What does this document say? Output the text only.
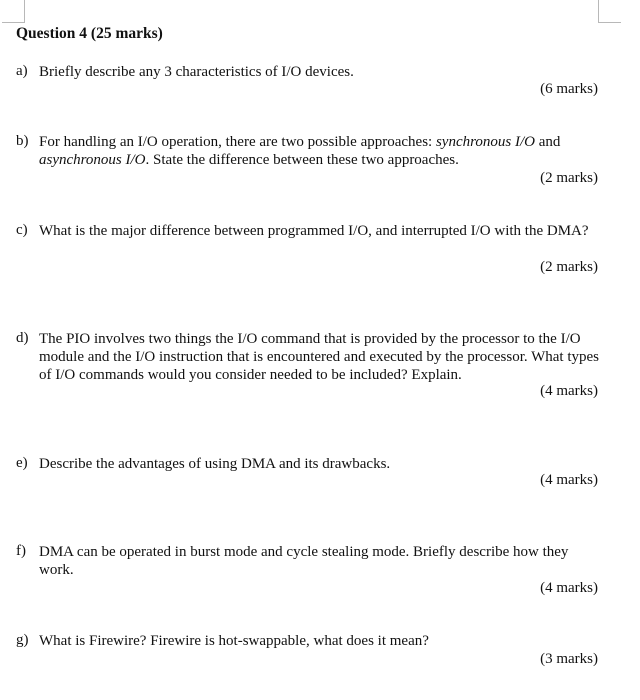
Question 4 (25 marks)
a) Briefly describe any 3 characteristics of I/O devices.
(6 marks)
b) For handling an I/O operation, there are two possible approaches: synchronous I/O and asynchronous I/O. State the difference between these two approaches.
(2 marks)
c) What is the major difference between programmed I/O, and interrupted I/O with the DMA?
(2 marks)
d) The PIO involves two things the I/O command that is provided by the processor to the I/O module and the I/O instruction that is encountered and executed by the processor. What types of I/O commands would you consider needed to be included? Explain.
(4 marks)
e) Describe the advantages of using DMA and its drawbacks.
(4 marks)
f) DMA can be operated in burst mode and cycle stealing mode. Briefly describe how they work.
(4 marks)
g) What is Firewire? Firewire is hot-swappable, what does it mean?
(3 marks)
